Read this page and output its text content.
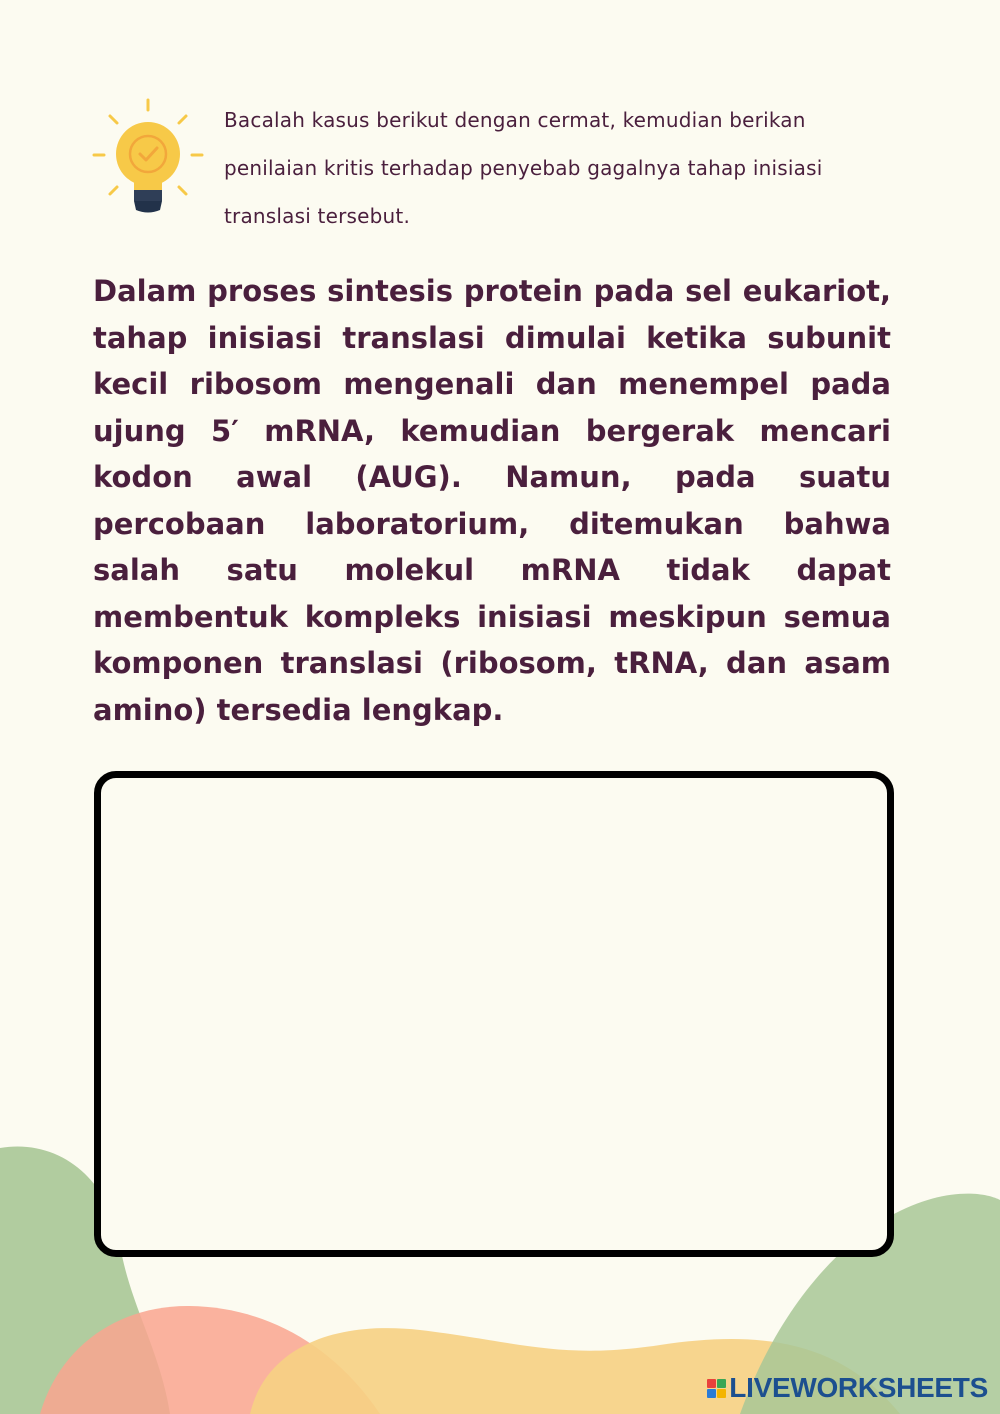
Bacalah kasus berikut dengan cermat, kemudian berikan penilaian kritis terhadap penyebab gagalnya tahap inisiasi translasi tersebut.

Dalam proses sintesis protein pada sel eukariot, tahap inisiasi translasi dimulai ketika subunit kecil ribosom mengenali dan menempel pada ujung 5′ mRNA, kemudian bergerak mencari kodon awal (AUG). Namun, pada suatu percobaan laboratorium, ditemukan bahwa salah satu molekul mRNA tidak dapat membentuk kompleks inisiasi meskipun semua komponen translasi (ribosom, tRNA, dan asam amino) tersedia lengkap.

LIVEWORKSHEETS
